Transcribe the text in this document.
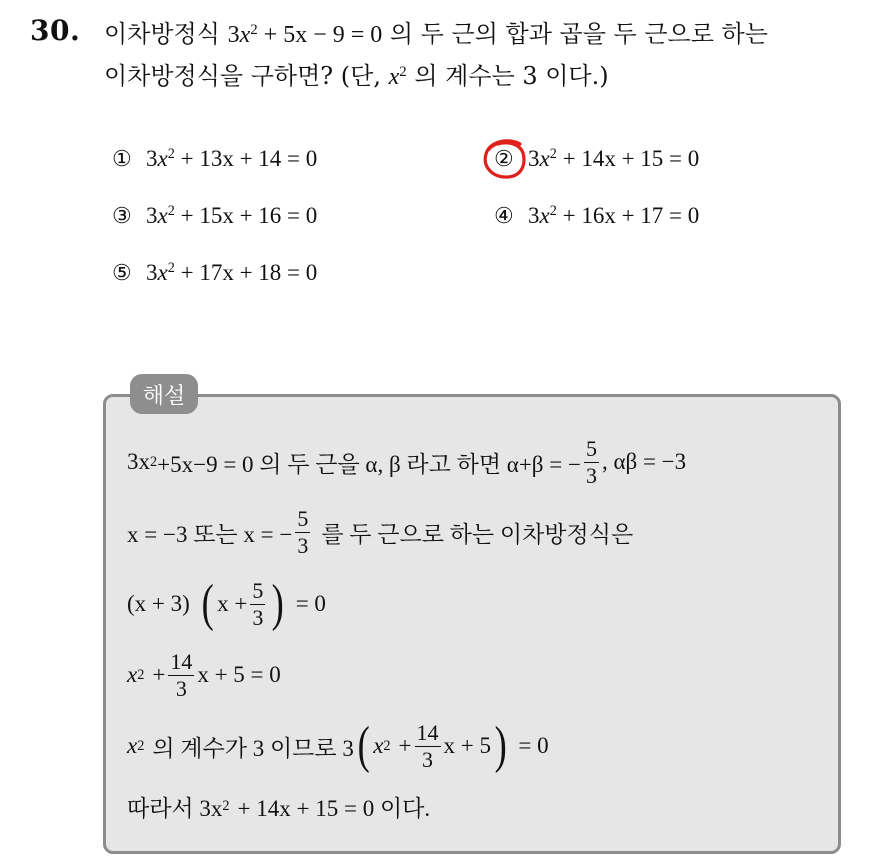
30. 이차방정식 $3x^2 + 5x - 9 = 0$ 의 두 근의 합과 곱을 두 근으로 하는
이차방정식을 구하면? (단, $x^2$ 의 계수는 3 이다.)
① $3x^2 + 13x + 14 = 0$	② $3x^2 + 14x + 15 = 0$
③ $3x^2 + 15x + 16 = 0$	④ $3x^2 + 16x + 17 = 0$
⑤ $3x^2 + 17x + 18 = 0$
해설
3x 2 +5x−9 = 0 의 두 근을 α, β 라고 하면 α+β = − $\frac{5}{3}$ , αβ = −3
x = −3 또는 x = − $\frac{5}{3}$ 를 두 근으로 하는 이차방정식은
(x + 3) ( $x + \frac{5}{3}$ ) = 0
x $2 + \frac{14}{3}$ x + 5 = 0
x 2 의 계수가 3 이므로 3 ( x $2 + \frac{14}{3}$ x + 5 ) = 0
따라서 3x 2 + 14x + 15 = 0 이다.
